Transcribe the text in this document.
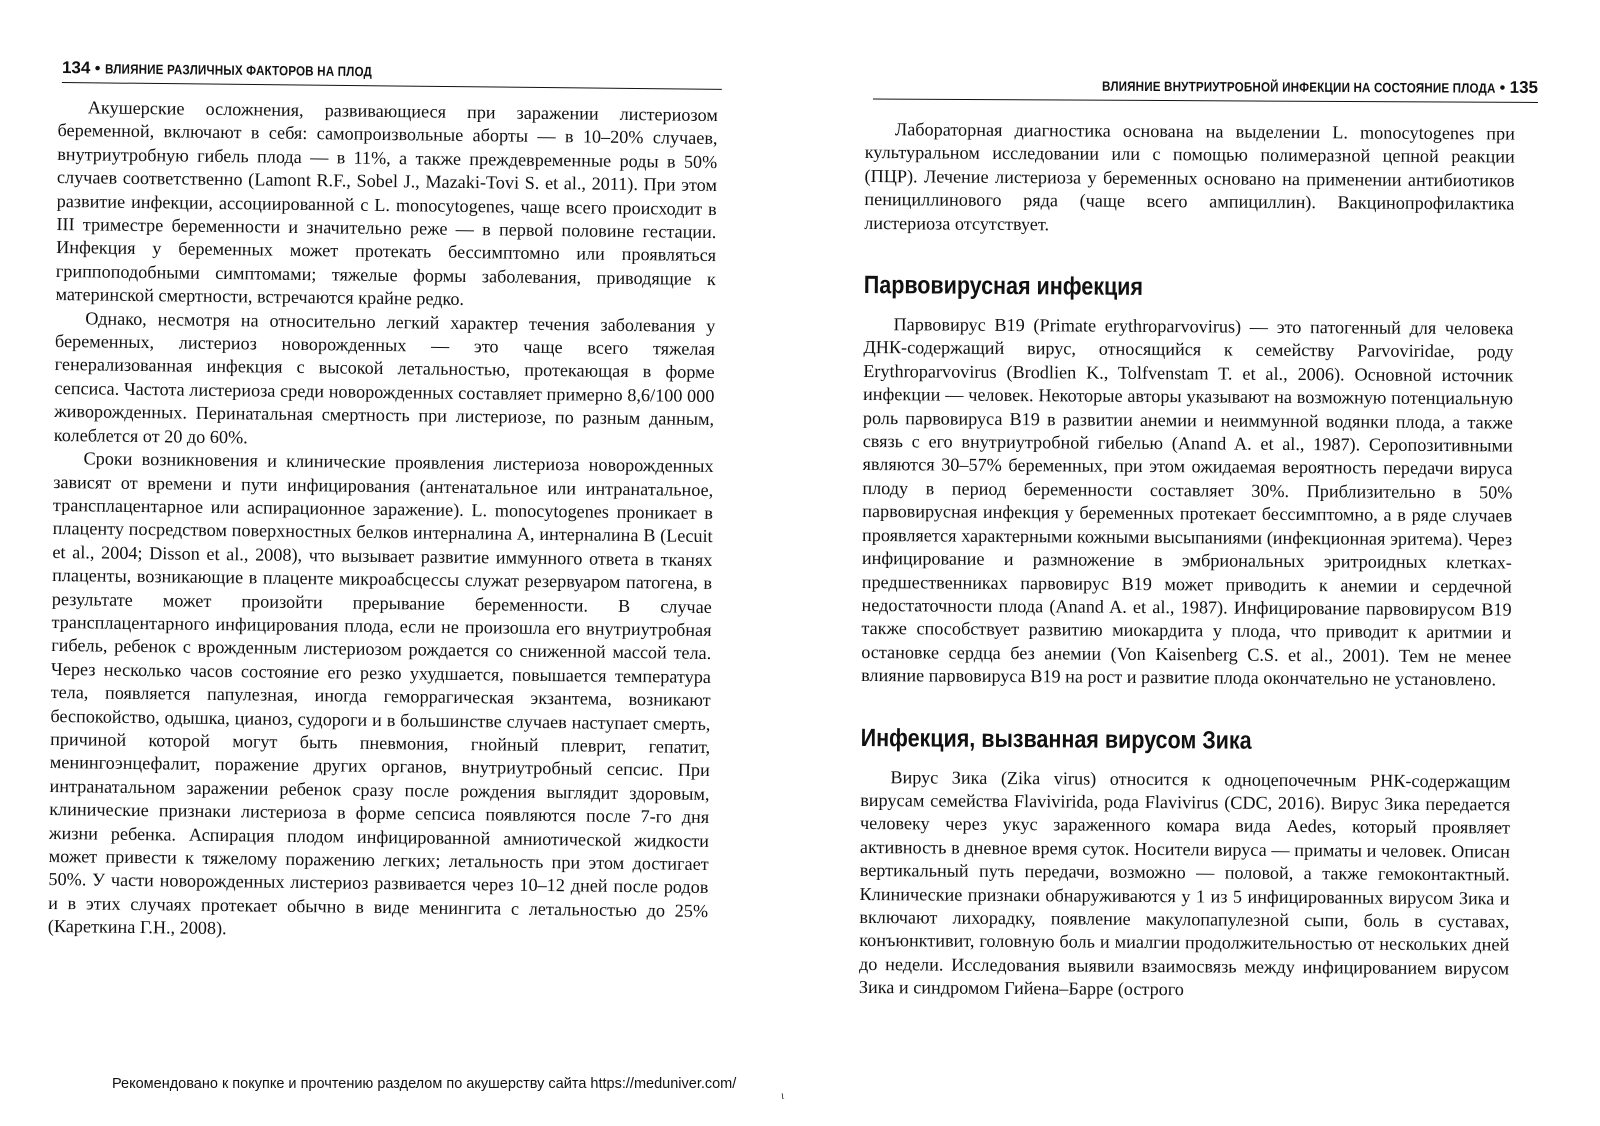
134 • ВЛИЯНИЕ РАЗЛИЧНЫХ ФАКТОРОВ НА ПЛОД

Акушерские осложнения, развивающиеся при заражении листериозом беременной, включают в себя: самопроизвольные аборты — в 10–20% случаев, внутриутробную гибель плода — в 11%, а также преждевременные роды в 50% случаев соответственно (Lamont R.F., Sobel J., Mazaki-Tovi S. et al., 2011). При этом развитие инфекции, ассоциированной с L. monocytogenes, чаще всего происходит в III триместре беременности и значительно реже — в первой половине гестации. Инфекция у беременных может протекать бессимптомно или проявляться гриппоподобными симптомами; тяжелые формы заболевания, приводящие к материнской смертности, встречаются крайне редко.

Однако, несмотря на относительно легкий характер течения заболевания у беременных, листериоз новорожденных — это чаще всего тяжелая генерализованная инфекция с высокой летальностью, протекающая в форме сепсиса. Частота листериоза среди новорожденных составляет примерно 8,6/100 000 живорожденных. Перинатальная смертность при листериозе, по разным данным, колеблется от 20 до 60%.

Сроки возникновения и клинические проявления листериоза новорожденных зависят от времени и пути инфицирования (антенатальное или интранатальное, трансплацентарное или аспирационное заражение). L. monocytogenes проникает в плаценту посредством поверхностных белков интерналина A, интерналина B (Lecuit et al., 2004; Disson et al., 2008), что вызывает развитие иммунного ответа в тканях плаценты, возникающие в плаценте микроабсцессы служат резервуаром патогена, в результате может произойти прерывание беременности. В случае трансплацентарного инфицирования плода, если не произошла его внутриутробная гибель, ребенок с врожденным листериозом рождается со сниженной массой тела. Через несколько часов состояние его резко ухудшается, повышается температура тела, появляется папулезная, иногда геморрагическая экзантема, возникают беспокойство, одышка, цианоз, судороги и в большинстве случаев наступает смерть, причиной которой могут быть пневмония, гнойный плеврит, гепатит, менингоэнцефалит, поражение других органов, внутриутробный сепсис. При интранатальном заражении ребенок сразу после рождения выглядит здоровым, клинические признаки листериоза в форме сепсиса появляются после 7-го дня жизни ребенка. Аспирация плодом инфицированной амниотической жидкости может привести к тяжелому поражению легких; летальность при этом достигает 50%. У части новорожденных листериоз развивается через 10–12 дней после родов и в этих случаях протекает обычно в виде менингита с летальностью до 25% (Кареткина Г.Н., 2008).

ВЛИЯНИЕ ВНУТРИУТРОБНОЙ ИНФЕКЦИИ НА СОСТОЯНИЕ ПЛОДА • 135

Лабораторная диагностика основана на выделении L. monocytogenes при культуральном исследовании или с помощью полимеразной цепной реакции (ПЦР). Лечение листериоза у беременных основано на применении антибиотиков пенициллинового ряда (чаще всего ампициллин). Вакцинопрофилактика листериоза отсутствует.

Парвовирусная инфекция

Парвовирус B19 (Primate erythroparvovirus) — это патогенный для человека ДНК-содержащий вирус, относящийся к семейству Parvoviridae, роду Erythroparvovirus (Brodlien K., Tolfvenstam T. et al., 2006). Основной источник инфекции — человек. Некоторые авторы указывают на возможную потенциальную роль парвовируса B19 в развитии анемии и неиммунной водянки плода, а также связь с его внутриутробной гибелью (Anand A. et al., 1987). Серопозитивными являются 30–57% беременных, при этом ожидаемая вероятность передачи вируса плоду в период беременности составляет 30%. Приблизительно в 50% парвовирусная инфекция у беременных протекает бессимптомно, а в ряде случаев проявляется характерными кожными высыпаниями (инфекционная эритема). Через инфицирование и размножение в эмбриональных эритроидных клетках-предшественниках парвовирус B19 может приводить к анемии и сердечной недостаточности плода (Anand A. et al., 1987). Инфицирование парвовирусом B19 также способствует развитию миокардита у плода, что приводит к аритмии и остановке сердца без анемии (Von Kaisenberg C.S. et al., 2001). Тем не менее влияние парвовируса B19 на рост и развитие плода окончательно не установлено.

Инфекция, вызванная вирусом Зика

Вирус Зика (Zika virus) относится к одноцепочечным РНК-содержащим вирусам семейства Flaviviridа, рода Flavivirus (CDC, 2016). Вирус Зика передается человеку через укус зараженного комара вида Aedes, который проявляет активность в дневное время суток. Носители вируса — приматы и человек. Описан вертикальный путь передачи, возможно — половой, а также гемоконтактный. Клинические признаки обнаруживаются у 1 из 5 инфицированных вирусом Зика и включают лихорадку, появление макулопапулезной сыпи, боль в суставах, конъюнктивит, головную боль и миалгии продолжительностью от нескольких дней до недели. Исследования выявили взаимосвязь между инфицированием вирусом Зика и синдромом Гийена–Барре (острого

Рекомендовано к покупке и прочтению разделом по акушерству сайта https://meduniver.com/
ι
